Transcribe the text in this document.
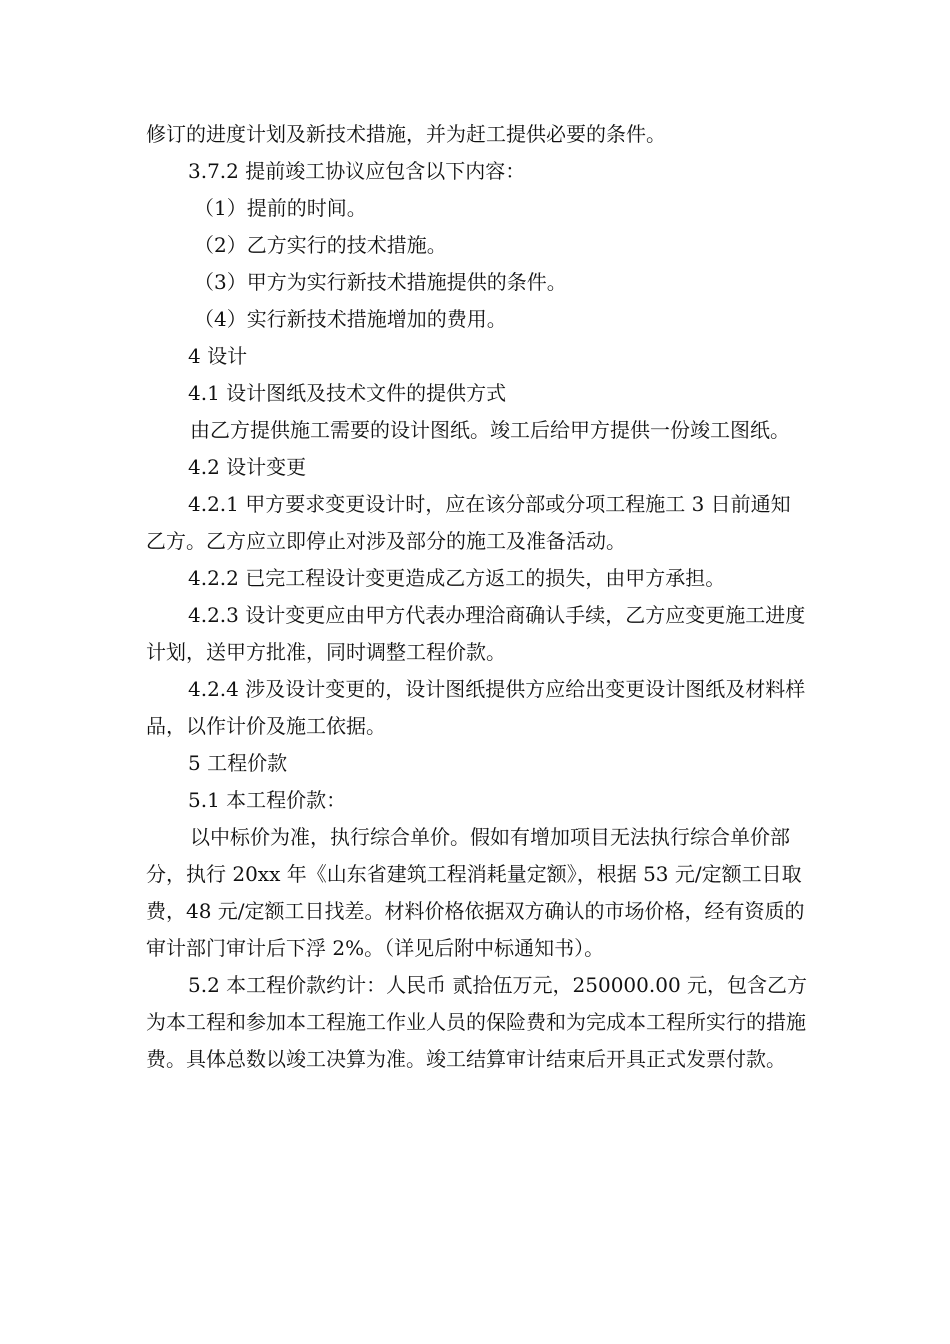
修订的进度计划及新技术措施，并为赶工提供必要的条件。

3.7.2 提前竣工协议应包含以下内容：

（1）提前的时间。

（2）乙方实行的技术措施。

（3）甲方为实行新技术措施提供的条件。

（4）实行新技术措施增加的费用。

4 设计

4.1 设计图纸及技术文件的提供方式

由乙方提供施工需要的设计图纸。竣工后给甲方提供一份竣工图纸。

4.2 设计变更

4.2.1 甲方要求变更设计时，应在该分部或分项工程施工 3 日前通知乙方。乙方应立即停止对涉及部分的施工及准备活动。

4.2.2 已完工程设计变更造成乙方返工的损失，由甲方承担。

4.2.3 设计变更应由甲方代表办理洽商确认手续，乙方应变更施工进度计划，送甲方批准，同时调整工程价款。

4.2.4 涉及设计变更的，设计图纸提供方应给出变更设计图纸及材料样品，以作计价及施工依据。

5 工程价款

5.1 本工程价款：

以中标价为准，执行综合单价。假如有增加项目无法执行综合单价部分，执行 20xx 年《山东省建筑工程消耗量定额》，根据 53 元/定额工日取费，48 元/定额工日找差。材料价格依据双方确认的市场价格，经有资质的审计部门审计后下浮 2%。（详见后附中标通知书）。

5.2 本工程价款约计：人民币 贰拾伍万元，250000.00 元，包含乙方为本工程和参加本工程施工作业人员的保险费和为完成本工程所实行的措施费。具体总数以竣工决算为准。竣工结算审计结束后开具正式发票付款。
